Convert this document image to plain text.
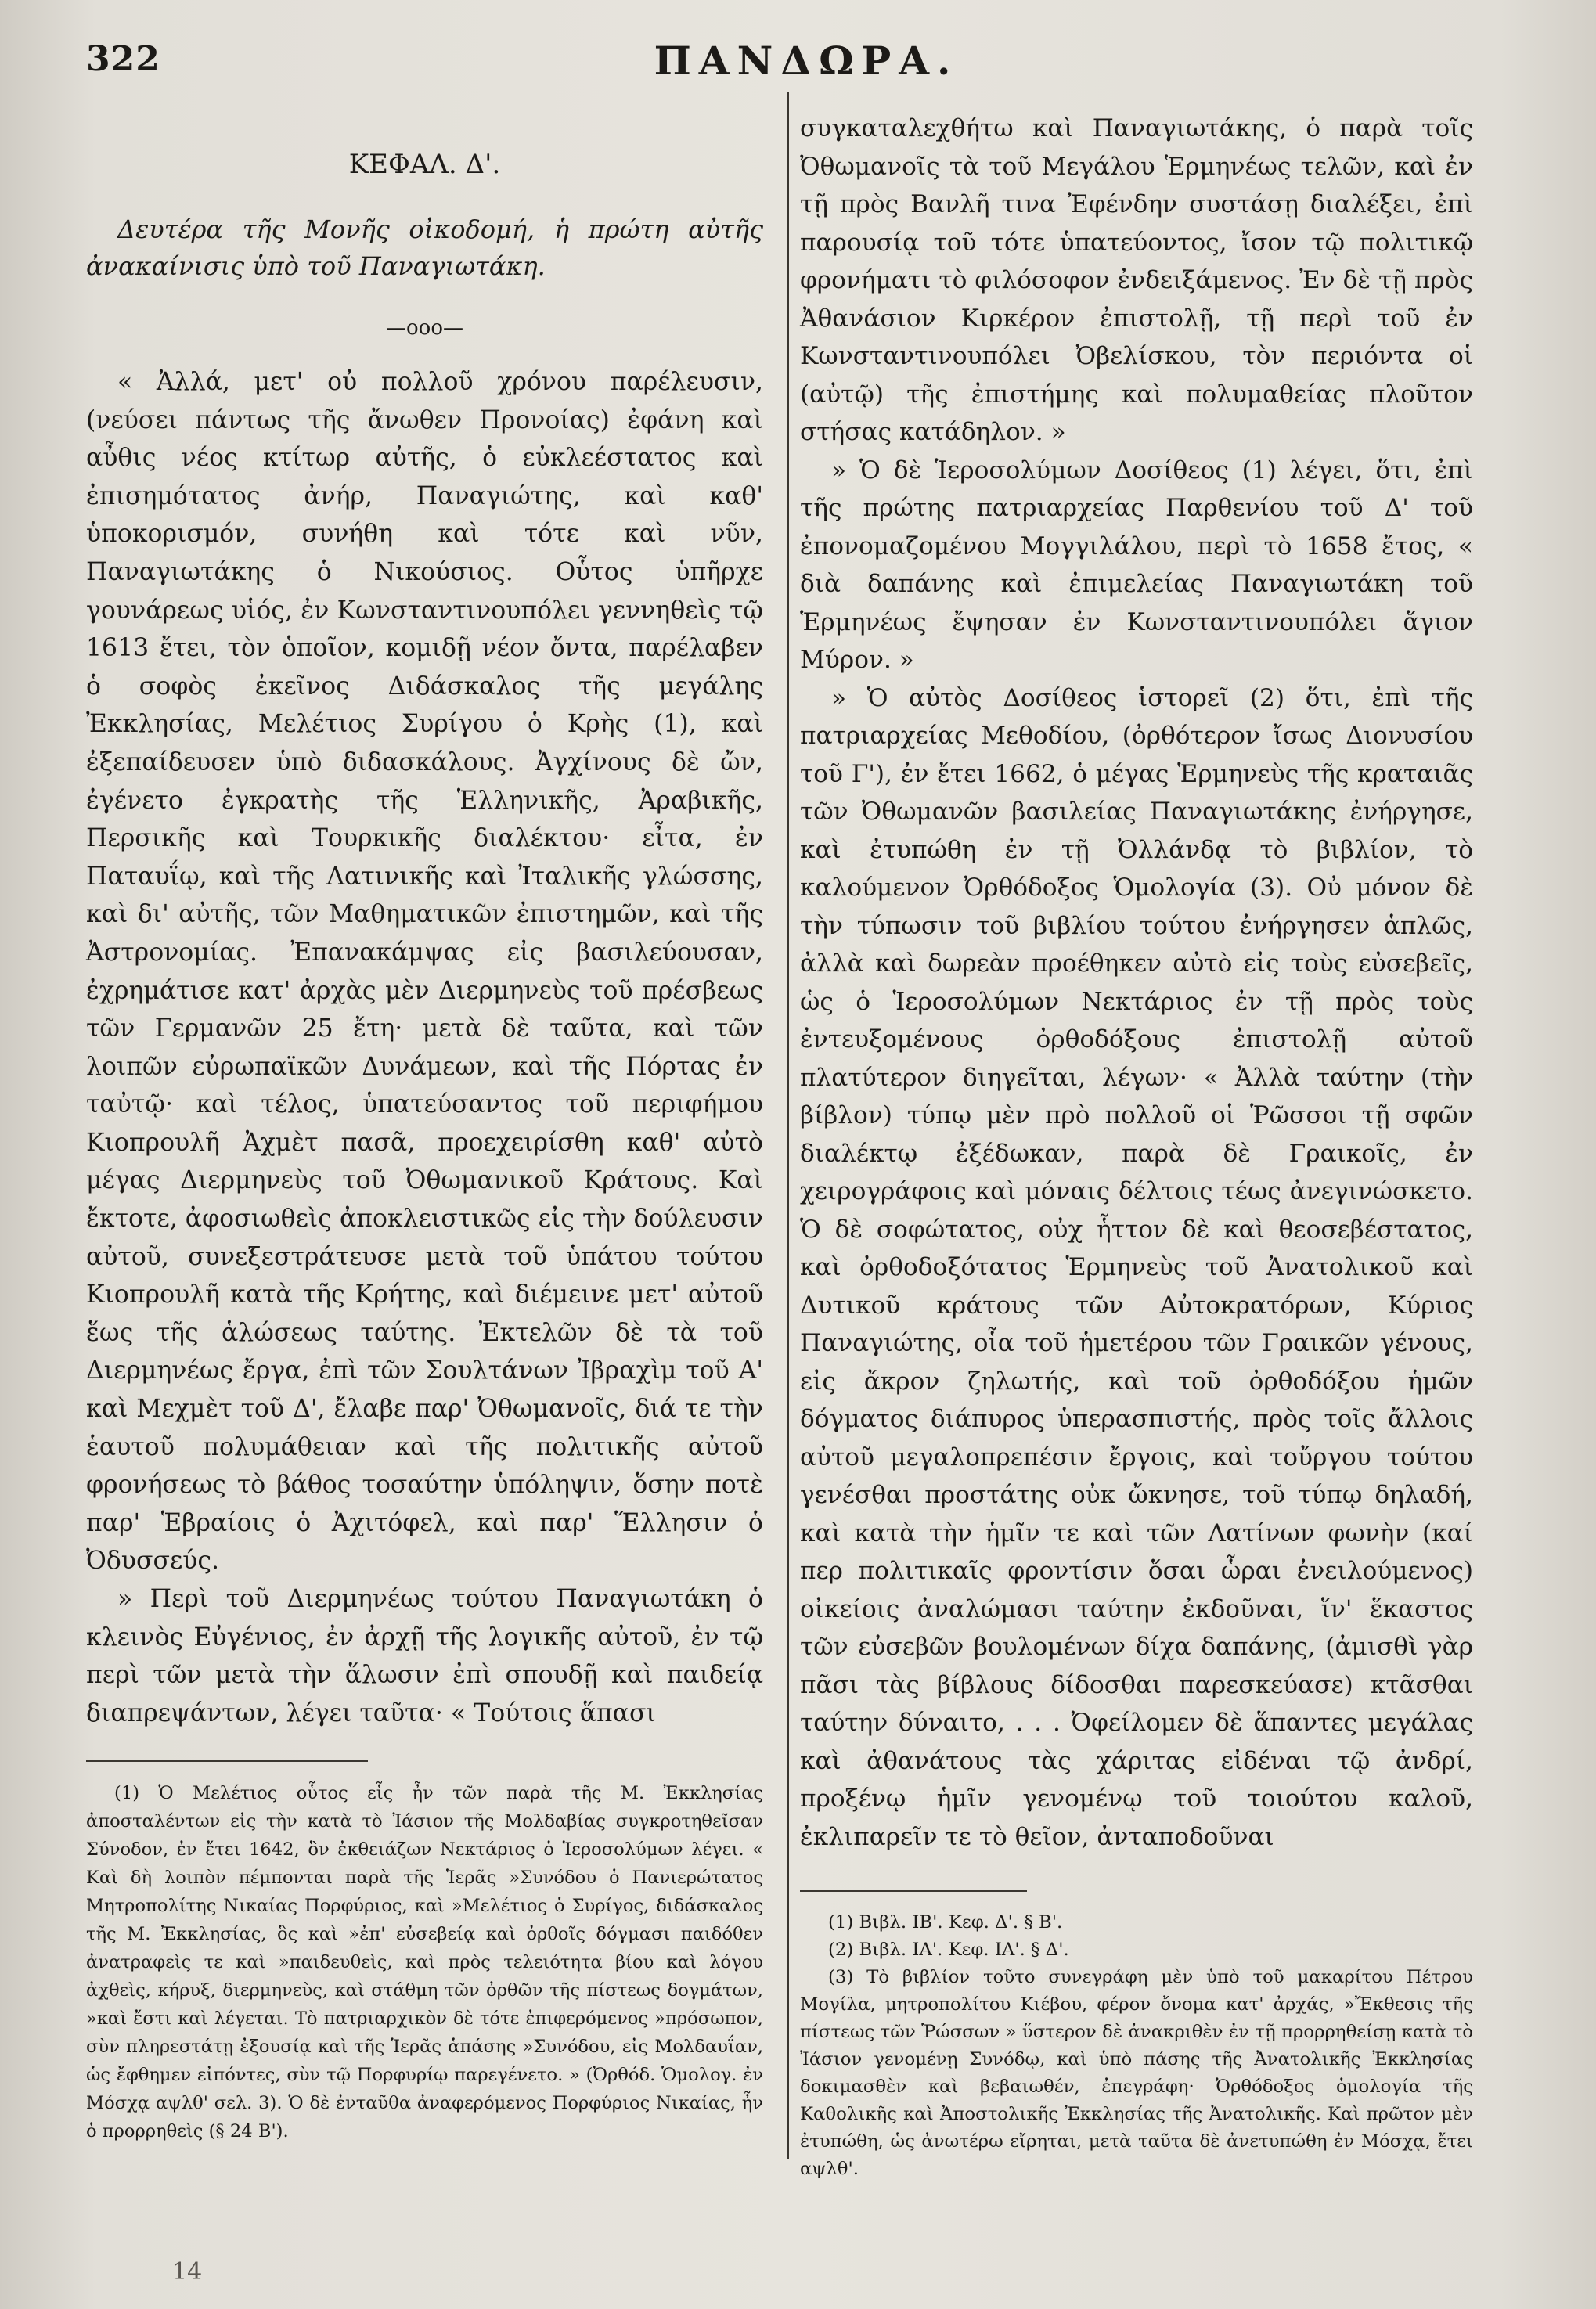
322	ΠΑΝΔΩΡΑ.
ΚΕΦΑΛ. Δ'.
Δευτέρα τῆς Μονῆς οἰκοδομή, ἡ πρώτη αὐτῆς ἀνακαίνισις ὑπὸ τοῦ Παναγιωτάκη.
—οοο—

« Ἀλλά, μετ' οὐ πολλοῦ χρόνου παρέλευσιν, (νεύσει πάντως τῆς ἄνωθεν Προνοίας) ἐφάνη καὶ αὖθις νέος κτίτωρ αὐτῆς, ὁ εὐκλεέστατος καὶ ἐπισημότατος ἀνήρ, Παναγιώτης, καὶ καθ' ὑποκορισμόν, συνήθη καὶ τότε καὶ νῦν, Παναγιωτάκης ὁ Νικούσιος. Οὗτος ὑπῆρχε γουνάρεως υἱός, ἐν Κωνσταντινουπόλει γεννηθεὶς τῷ 1613 ἔτει, τὸν ὁποῖον, κομιδῇ νέον ὄντα, παρέλαβεν ὁ σοφὸς ἐκεῖνος Διδάσκαλος τῆς μεγάλης Ἐκκλησίας, Μελέτιος Συρίγου ὁ Κρὴς (1), καὶ ἐξεπαίδευσεν ὑπὸ διδασκάλους. Ἀγχίνους δὲ ὤν, ἐγένετο ἐγκρατὴς τῆς Ἑλληνικῆς, Ἀραβικῆς, Περσικῆς καὶ Τουρκικῆς διαλέκτου· εἶτα, ἐν Παταυΐῳ, καὶ τῆς Λατινικῆς καὶ Ἰταλικῆς γλώσσης, καὶ δι' αὐτῆς, τῶν Μαθηματικῶν ἐπιστημῶν, καὶ τῆς Ἀστρονομίας. Ἐπανακάμψας εἰς βασιλεύουσαν, ἐχρημάτισε κατ' ἀρχὰς μὲν Διερμηνεὺς τοῦ πρέσβεως τῶν Γερμανῶν 25 ἔτη· μετὰ δὲ ταῦτα, καὶ τῶν λοιπῶν εὐρωπαϊκῶν Δυνάμεων, καὶ τῆς Πόρτας ἐν ταὐτῷ· καὶ τέλος, ὑπατεύσαντος τοῦ περιφήμου Κιοπρουλῆ Ἀχμὲτ πασᾶ, προεχειρίσθη καθ' αὐτὸ μέγας Διερμηνεὺς τοῦ Ὀθωμανικοῦ Κράτους. Καὶ ἔκτοτε, ἀφοσιωθεὶς ἀποκλειστικῶς εἰς τὴν δούλευσιν αὐτοῦ, συνεξεστράτευσε μετὰ τοῦ ὑπάτου τούτου Κιοπρουλῆ κατὰ τῆς Κρήτης, καὶ διέμεινε μετ' αὐτοῦ ἕως τῆς ἁλώσεως ταύτης. Ἐκτελῶν δὲ τὰ τοῦ Διερμηνέως ἔργα, ἐπὶ τῶν Σουλτάνων Ἰβραχὶμ τοῦ Α' καὶ Μεχμὲτ τοῦ Δ', ἔλαβε παρ' Ὀθωμανοῖς, διά τε τὴν ἑαυτοῦ πολυμάθειαν καὶ τῆς πολιτικῆς αὐτοῦ φρονήσεως τὸ βάθος τοσαύτην ὑπόληψιν, ὅσην ποτὲ παρ' Ἑβραίοις ὁ Ἀχιτόφελ, καὶ παρ' Ἕλλησιν ὁ Ὀδυσσεύς.

» Περὶ τοῦ Διερμηνέως τούτου Παναγιωτάκη ὁ κλεινὸς Εὐγένιος, ἐν ἀρχῇ τῆς λογικῆς αὐτοῦ, ἐν τῷ περὶ τῶν μετὰ τὴν ἅλωσιν ἐπὶ σπουδῇ καὶ παιδείᾳ διαπρεψάντων, λέγει ταῦτα· « Τούτοις ἅπασι

(1) Ὁ Μελέτιος οὗτος εἷς ἦν τῶν παρὰ τῆς Μ. Ἐκκλησίας ἀποσταλέντων εἰς τὴν κατὰ τὸ Ἰάσιον τῆς Μολδαβίας συγκροτηθεῖσαν Σύνοδον, ἐν ἔτει 1642, ὃν ἐκθειάζων Νεκτάριος ὁ Ἱεροσολύμων λέγει. « Καὶ δὴ λοιπὸν πέμπονται παρὰ τῆς Ἱερᾶς »Συνόδου ὁ Πανιερώτατος Μητροπολίτης Νικαίας Πορφύριος, καὶ »Μελέτιος ὁ Συρίγος, διδάσκαλος τῆς Μ. Ἐκκλησίας, ὃς καὶ »ἐπ' εὐσεβείᾳ καὶ ὀρθοῖς δόγμασι παιδόθεν ἀνατραφεὶς τε καὶ »παιδευθεὶς, καὶ πρὸς τελειότητα βίου καὶ λόγου ἀχθεὶς, κήρυξ, διερμηνεὺς, καὶ στάθμη τῶν ὀρθῶν τῆς πίστεως δογμάτων, »καὶ ἔστι καὶ λέγεται. Τὸ πατριαρχικὸν δὲ τότε ἐπιφερόμενος »πρόσωπον, σὺν πληρεστάτῃ ἐξουσίᾳ καὶ τῆς Ἱερᾶς ἁπάσης »Συνόδου, εἰς Μολδαυΐαν, ὡς ἔφθημεν εἰπόντες, σὺν τῷ Πορφυρίῳ παρεγένετο. » (Ὀρθόδ. Ὁμολογ. ἐν Μόσχᾳ αψλθ' σελ. 3). Ὁ δὲ ἐνταῦθα ἀναφερόμενος Πορφύριος Νικαίας, ἦν ὁ προρρηθεὶς (§ 24 Β').

συγκαταλεχθήτω καὶ Παναγιωτάκης, ὁ παρὰ τοῖς Ὀθωμανοῖς τὰ τοῦ Μεγάλου Ἑρμηνέως τελῶν, καὶ ἐν τῇ πρὸς Βανλῆ τινα Ἐφένδην συστάσῃ διαλέξει, ἐπὶ παρουσίᾳ τοῦ τότε ὑπατεύοντος, ἴσον τῷ πολιτικῷ φρονήματι τὸ φιλόσοφον ἐνδειξάμενος. Ἐν δὲ τῇ πρὸς Ἀθανάσιον Κιρκέρον ἐπιστολῇ, τῇ περὶ τοῦ ἐν Κωνσταντινουπόλει Ὀβελίσκου, τὸν περιόντα οἱ (αὐτῷ) τῆς ἐπιστήμης καὶ πολυμαθείας πλοῦτον στήσας κατάδηλον. »

» Ὁ δὲ Ἱεροσολύμων Δοσίθεος (1) λέγει, ὅτι, ἐπὶ τῆς πρώτης πατριαρχείας Παρθενίου τοῦ Δ' τοῦ ἐπονομαζομένου Μογγιλάλου, περὶ τὸ 1658 ἔτος, « διὰ δαπάνης καὶ ἐπιμελείας Παναγιωτάκη τοῦ Ἑρμηνέως ἔψησαν ἐν Κωνσταντινουπόλει ἅγιον Μύρον. »

» Ὁ αὐτὸς Δοσίθεος ἱστορεῖ (2) ὅτι, ἐπὶ τῆς πατριαρχείας Μεθοδίου, (ὀρθότερον ἴσως Διονυσίου τοῦ Γ'), ἐν ἔτει 1662, ὁ μέγας Ἑρμηνεὺς τῆς κραταιᾶς τῶν Ὀθωμανῶν βασιλείας Παναγιωτάκης ἐνήργησε, καὶ ἐτυπώθη ἐν τῇ Ὀλλάνδᾳ τὸ βιβλίον, τὸ καλούμενον Ὀρθόδοξος Ὁμολογία (3). Οὐ μόνον δὲ τὴν τύπωσιν τοῦ βιβλίου τούτου ἐνήργησεν ἁπλῶς, ἀλλὰ καὶ δωρεὰν προέθηκεν αὐτὸ εἰς τοὺς εὐσεβεῖς, ὡς ὁ Ἱεροσολύμων Νεκτάριος ἐν τῇ πρὸς τοὺς ἐντευξομένους ὀρθοδόξους ἐπιστολῇ αὐτοῦ πλατύτερον διηγεῖται, λέγων· « Ἀλλὰ ταύτην (τὴν βίβλον) τύπῳ μὲν πρὸ πολλοῦ οἱ Ῥῶσσοι τῇ σφῶν διαλέκτῳ ἐξέδωκαν, παρὰ δὲ Γραικοῖς, ἐν χειρογράφοις καὶ μόναις δέλτοις τέως ἀνεγινώσκετο. Ὁ δὲ σοφώτατος, οὐχ ἧττον δὲ καὶ θεοσεβέστατος, καὶ ὀρθοδοξότατος Ἑρμηνεὺς τοῦ Ἀνατολικοῦ καὶ Δυτικοῦ κράτους τῶν Αὐτοκρατόρων, Κύριος Παναγιώτης, οἷα τοῦ ἡμετέρου τῶν Γραικῶν γένους, εἰς ἄκρον ζηλωτής, καὶ τοῦ ὀρθοδόξου ἡμῶν δόγματος διάπυρος ὑπερασπιστής, πρὸς τοῖς ἄλλοις αὐτοῦ μεγαλοπρεπέσιν ἔργοις, καὶ τοὔργου τούτου γενέσθαι προστάτης οὐκ ὤκνησε, τοῦ τύπῳ δηλαδή, καὶ κατὰ τὴν ἡμῖν τε καὶ τῶν Λατίνων φωνὴν (καί περ πολιτικαῖς φροντίσιν ὅσαι ὧραι ἐνειλούμενος) οἰκείοις ἀναλώμασι ταύτην ἐκδοῦναι, ἵν' ἕκαστος τῶν εὐσεβῶν βουλομένων δίχα δαπάνης, (ἀμισθὶ γὰρ πᾶσι τὰς βίβλους δίδοσθαι παρεσκεύασε) κτᾶσθαι ταύτην δύναιτο, . . . Ὀφείλομεν δὲ ἅπαντες μεγάλας καὶ ἀθανάτους τὰς χάριτας εἰδέναι τῷ ἀνδρί, προξένῳ ἡμῖν γενομένῳ τοῦ τοιούτου καλοῦ, ἐκλιπαρεῖν τε τὸ θεῖον, ἀνταποδοῦναι

(1) Βιβλ. ΙΒ'. Κεφ. Δ'. § Β'.

(2) Βιβλ. ΙΑ'. Κεφ. ΙΑ'. § Δ'.

(3) Τὸ βιβλίον τοῦτο συνεγράφη μὲν ὑπὸ τοῦ μακαρίτου Πέτρου Μογίλα, μητροπολίτου Κιέβου, φέρον ὄνομα κατ' ἀρχάς, »Ἔκθεσις τῆς πίστεως τῶν Ῥώσσων » ὕστερον δὲ ἀνακριθὲν ἐν τῇ προρρηθείσῃ κατὰ τὸ Ἰάσιον γενομένῃ Συνόδῳ, καὶ ὑπὸ πάσης τῆς Ἀνατολικῆς Ἐκκλησίας δοκιμασθὲν καὶ βεβαιωθέν, ἐπεγράφη· Ὀρθόδοξος ὁμολογία τῆς Καθολικῆς καὶ Ἀποστολικῆς Ἐκκλησίας τῆς Ἀνατολικῆς. Καὶ πρῶτον μὲν ἐτυπώθη, ὡς ἀνωτέρω εἴρηται, μετὰ ταῦτα δὲ ἀνετυπώθη ἐν Μόσχᾳ, ἔτει αψλθ'.

14
